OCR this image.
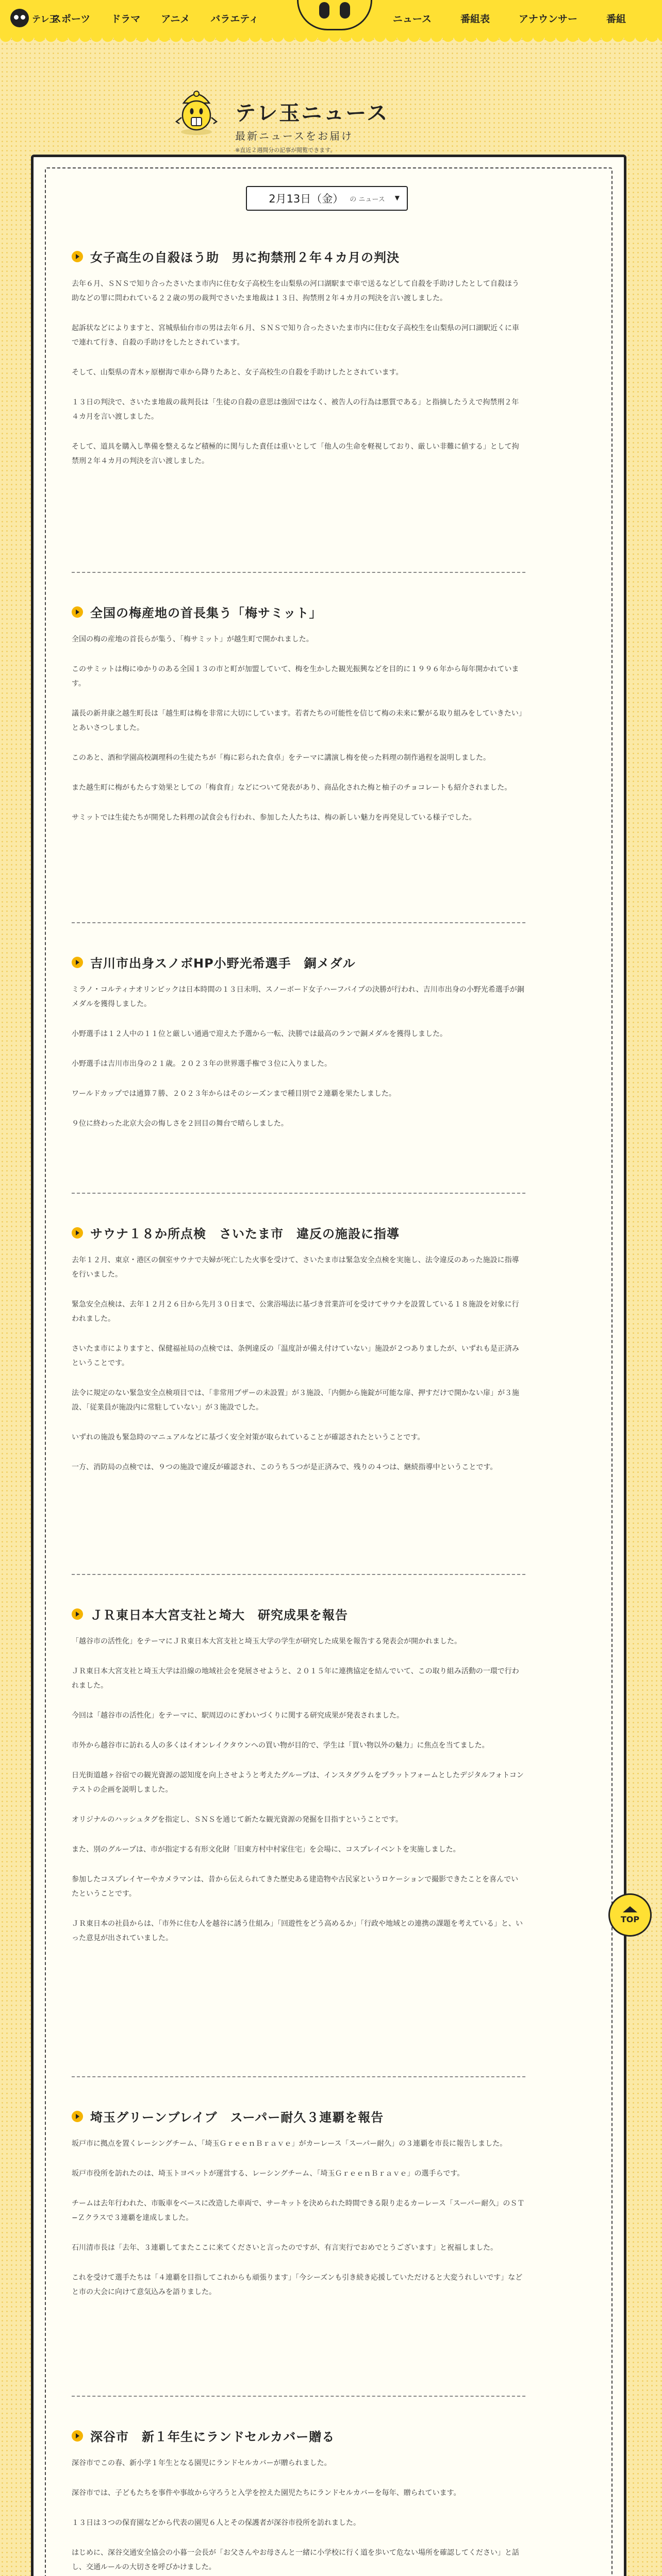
テレ玉
スポーツ ドラマ アニメ バラエティ	ニュース	番組表	アナウンサー	番組
テレ玉ニュース

最新ニュースをお届け

※直近２週間分の記事が閲覧できます。

2月13日（金） の ニュース ▼
女子高生の自殺ほう助　男に拘禁刑２年４カ月の判決

去年６月、ＳＮＳで知り合ったさいたま市内に住む女子高校生を山梨県の河口湖駅まで車で送るなどして自殺を手助けしたとして自殺ほう助などの罪に問われている２２歳の男の裁判でさいたま地裁は１３日、拘禁刑２年４カ月の判決を言い渡しました。

起訴状などによりますと、宮城県仙台市の男は去年６月、ＳＮＳで知り合ったさいたま市内に住む女子高校生を山梨県の河口湖駅近くに車で連れて行き、自殺の手助けをしたとされています。

そして、山梨県の青木ヶ原樹海で車から降りたあと、女子高校生の自殺を手助けしたとされています。

１３日の判決で、さいたま地裁の裁判長は「生徒の自殺の意思は強固ではなく、被告人の行為は悪質である」と指摘したうえで拘禁刑２年４カ月を言い渡しました。

そして、道具を購入し準備を整えるなど積極的に関与した責任は重いとして「他人の生命を軽視しており、厳しい非難に値する」として拘禁刑２年４カ月の判決を言い渡しました。

全国の梅産地の首長集う「梅サミット」

全国の梅の産地の首長らが集う、「梅サミット」が越生町で開かれました。

このサミットは梅にゆかりのある全国１３の市と町が加盟していて、梅を生かした観光振興などを目的に１９９６年から毎年開かれています。

議長の新井康之越生町長は「越生町は梅を非常に大切にしています。若者たちの可能性を信じて梅の未来に繋がる取り組みをしていきたい」とあいさつしました。

このあと、酒和学園高校調理科の生徒たちが「梅に彩られた食卓」をテーマに講演し梅を使った料理の制作過程を説明しました。

また越生町に梅がもたらす効果としての「梅食育」などについて発表があり、商品化された梅と柚子のチョコレートも紹介されました。

サミットでは生徒たちが開発した料理の試食会も行われ、参加した人たちは、梅の新しい魅力を再発見している様子でした。

吉川市出身スノボHP小野光希選手　銅メダル

ミラノ・コルティナオリンピックは日本時間の１３日未明、スノーボード女子ハーフパイプの決勝が行われ、吉川市出身の小野光希選手が銅メダルを獲得しました。

小野選手は１２人中の１１位と厳しい通過で迎えた予選から一転、決勝では最高のランで銅メダルを獲得しました。

小野選手は吉川市出身の２１歳。２０２３年の世界選手権で３位に入りました。

ワールドカップでは通算７勝、２０２３年からはそのシーズンまで種目別で２連覇を果たしました。

９位に終わった北京大会の悔しさを２回目の舞台で晴らしました。

サウナ１８か所点検　さいたま市　違反の施設に指導

去年１２月、東京・港区の個室サウナで夫婦が死亡した火事を受けて、さいたま市は緊急安全点検を実施し、法令違反のあった施設に指導を行いました。

緊急安全点検は、去年１２月２６日から先月３０日まで、公衆浴場法に基づき営業許可を受けてサウナを設置している１８施設を対象に行われました。

さいたま市によりますと、保健福祉局の点検では、条例違反の「温度計が備え付けていない」施設が２つありましたが、いずれも是正済みということです。

法令に規定のない緊急安全点検項目では、「非常用ブザーの未設置」が３施設、「内側から施錠が可能な扉、押すだけで開かない扉」が３施設、「従業員が施設内に常駐していない」が３施設でした。

いずれの施設も緊急時のマニュアルなどに基づく安全対策が取られていることが確認されたということです。

一方、消防局の点検では、９つの施設で違反が確認され、このうち５つが是正済みで、残りの４つは、継続指導中ということです。

ＪＲ東日本大宮支社と埼大　研究成果を報告

「越谷市の活性化」をテーマにＪＲ東日本大宮支社と埼玉大学の学生が研究した成果を報告する発表会が開かれました。

ＪＲ東日本大宮支社と埼玉大学は沿線の地域社会を発展させようと、２０１５年に連携協定を結んでいて、この取り組み活動の一環で行われました。

今回は「越谷市の活性化」をテーマに、駅周辺のにぎわいづくりに関する研究成果が発表されました。

市外から越谷市に訪れる人の多くはイオンレイクタウンへの買い物が目的で、学生は「買い物以外の魅力」に焦点を当てました。

日光街道越ヶ谷宿での観光資源の認知度を向上させようと考えたグループは、インスタグラムをプラットフォームとしたデジタルフォトコンテストの企画を説明しました。

オリジナルのハッシュタグを指定し、ＳＮＳを通じて新たな観光資源の発掘を目指すということです。

また、別のグループは、市が指定する有形文化財「旧東方村中村家住宅」を会場に、コスプレイベントを実施しました。

参加したコスプレイヤーやカメラマンは、昔から伝えられてきた歴史ある建造物や古民家というロケーションで撮影できたことを喜んでいたということです。

ＪＲ東日本の社員からは、「市外に住む人を越谷に誘う仕組み」「回遊性をどう高めるか」「行政や地域との連携の課題を考えている」と、いった意見が出されていました。

埼玉グリーンブレイブ　スーパー耐久３連覇を報告

坂戸市に拠点を置くレーシングチーム、「埼玉ＧｒｅｅｎＢｒａｖｅ」がカーレース「スーパー耐久」の３連覇を市長に報告しました。

坂戸市役所を訪れたのは、埼玉トヨペットが運営する、レーシングチーム、「埼玉ＧｒｅｅｎＢｒａｖｅ」の選手らです。

チームは去年行われた、市販車をベースに改造した車両で、サーキットを決められた時間できる限り走るカーレース「スーパー耐久」のＳＴ−Ｚクラスで３連覇を達成しました。

石川清市長は「去年、３連覇してまたここに来てくださいと言ったのですが、有言実行でおめでとうございます」と祝福しました。

これを受けて選手たちは「４連覇を目指してこれからも頑張ります」「今シーズンも引き続き応援していただけると大変うれしいです」などと市の大会に向けて意気込みを語りました。

深谷市　新１年生にランドセルカバー贈る

深谷市でこの春、新小学１年生となる園児にランドセルカバーが贈られました。

深谷市では、子どもたちを事件や事故から守ろうと入学を控えた園児たちにランドセルカバーを毎年、贈られています。

１３日は３つの保育園などから代表の園児６人とその保護者が深谷市役所を訪れました。

はじめに、深谷交通安全協会の小暮一会長が「お父さんやお母さんと一緒に小学校に行く道を歩いて危ない場所を確認してください」と話し、交通ルールの大切さを呼びかけました。

TOP
